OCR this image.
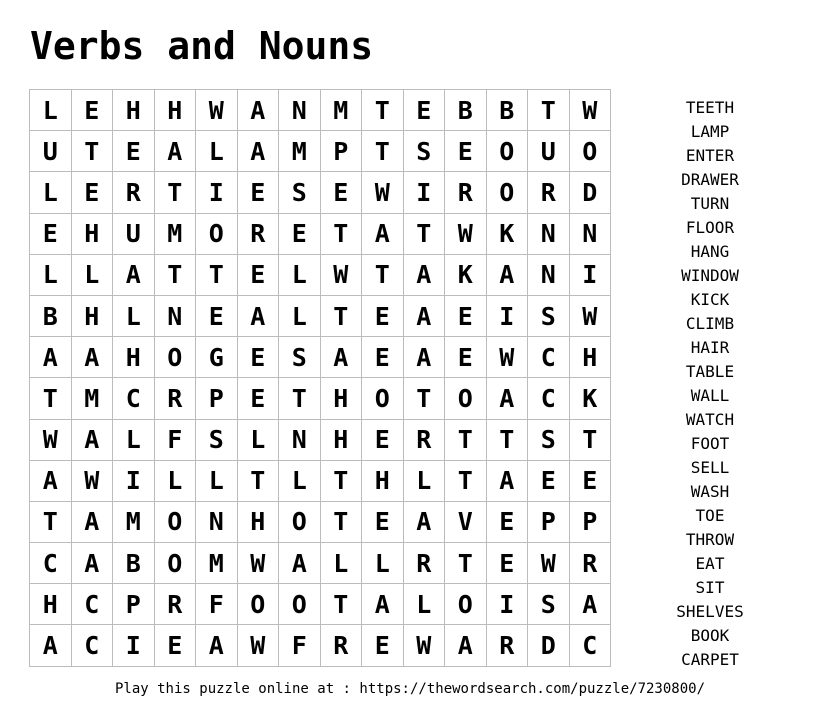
Verbs and Nouns
L	E	H	H	W	A	N	M	T	E	B	B	T	W
U	T	E	A	L	A	M	P	T	S	E	O	U	O
L	E	R	T	I	E	S	E	W	I	R	O	R	D
E	H	U	M	O	R	E	T	A	T	W	K	N	N
L	L	A	T	T	E	L	W	T	A	K	A	N	I
B	H	L	N	E	A	L	T	E	A	E	I	S	W
A	A	H	O	G	E	S	A	E	A	E	W	C	H
T	M	C	R	P	E	T	H	O	T	O	A	C	K
W	A	L	F	S	L	N	H	E	R	T	T	S	T
A	W	I	L	L	T	L	T	H	L	T	A	E	E
T	A	M	O	N	H	O	T	E	A	V	E	P	P
C	A	B	O	M	W	A	L	L	R	T	E	W	R
H	C	P	R	F	O	O	T	A	L	O	I	S	A
A	C	I	E	A	W	F	R	E	W	A	R	D	C
TEETH
LAMP
ENTER
DRAWER
TURN
FLOOR
HANG
WINDOW
KICK
CLIMB
HAIR
TABLE
WALL
WATCH
FOOT
SELL
WASH
TOE
THROW
EAT
SIT
SHELVES
BOOK
CARPET
Play this puzzle online at : https://thewordsearch.com/puzzle/7230800/
